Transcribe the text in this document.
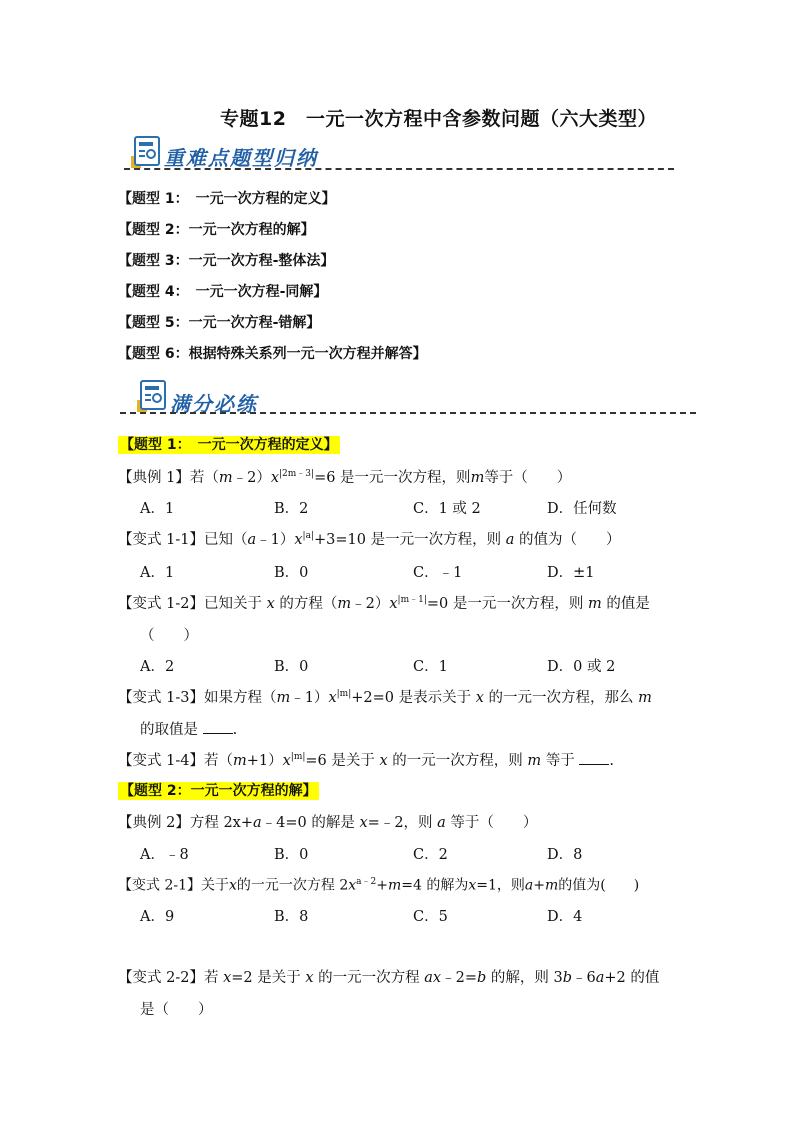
专题12　一元一次方程中含参数问题（六大类型）
重难点题型归纳
【题型 1：　一元一次方程的定义】
【题型 2：一元一次方程的解】
【题型 3：一元一次方程-整体法】
【题型 4：　一元一次方程-同解】
【题型 5：一元一次方程-错解】
【题型 6：根据特殊关系列一元一次方程并解答】
满分必练
【题型 1：　一元一次方程的定义】
【典例 1】若$(m﹣2)x^{|2m﹣3|}=6$ 是一元一次方程，则m等于（　　）
A．1	B．2	C．1 或 2	D．任何数
【变式 1-1】已知$(a﹣1)x^{|a|}+3=10$ 是一元一次方程，则 a 的值为（　　）
A．1	B．0	C．﹣1	D．±1
【变式 1-2】已知关于 x 的方程$(m﹣2)x^{|m﹣1|}=0$ 是一元一次方程，则 m 的值是
（　　）
A．2	B．0	C．1	D．0 或 2
【变式 1-3】如果方程$(m﹣1)x^{|m|}+2=0$ 是表示关于 x 的一元一次方程，那么 m
的取值是 .
【变式 1-4】若$(m+1)x^{|m|}=6$ 是关于 x 的一元一次方程，则 m 等于 .
【题型 2：一元一次方程的解】
【典例 2】方程 2x+a﹣4=0 的解是 x=﹣2，则 a 等于（　　）
A．﹣8	B．0	C．2	D．8
【变式 2-1】关于x的一元一次方程 $2x^{a﹣2}+m=4$ 的解为x=1，则a+m的值为(　　)
A．9	B．8	C．5	D．4
【变式 2-2】若 x=2 是关于 x 的一元一次方程 ax﹣2=b 的解，则 3b﹣6a+2 的值
是（　　）
